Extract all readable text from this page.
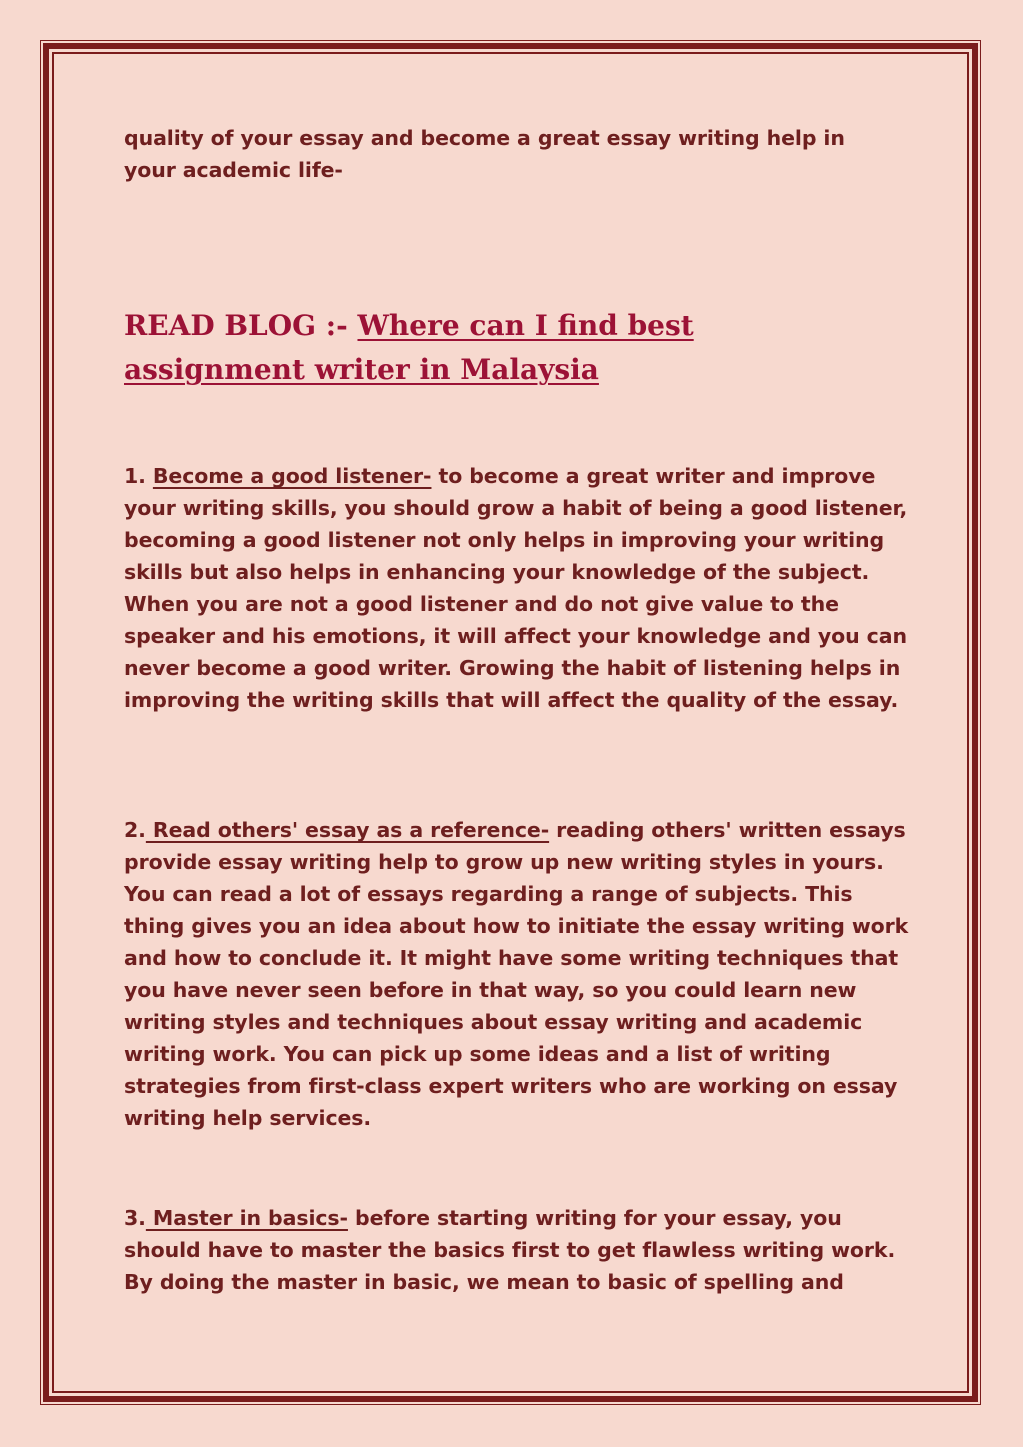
quality of your essay and become a great essay writing help in your academic life-

READ BLOG :- Where can I find best assignment writer in Malaysia

1. Become a good listener- to become a great writer and improve your writing skills, you should grow a habit of being a good listener, becoming a good listener not only helps in improving your writing skills but also helps in enhancing your knowledge of the subject. When you are not a good listener and do not give value to the speaker and his emotions, it will affect your knowledge and you can never become a good writer. Growing the habit of listening helps in improving the writing skills that will affect the quality of the essay.

2. Read others' essay as a reference- reading others' written essays provide essay writing help to grow up new writing styles in yours. You can read a lot of essays regarding a range of subjects. This thing gives you an idea about how to initiate the essay writing work and how to conclude it. It might have some writing techniques that you have never seen before in that way, so you could learn new writing styles and techniques about essay writing and academic writing work. You can pick up some ideas and a list of writing strategies from first-class expert writers who are working on essay writing help services.

3. Master in basics- before starting writing for your essay, you should have to master the basics first to get flawless writing work. By doing the master in basic, we mean to basic of spelling and
